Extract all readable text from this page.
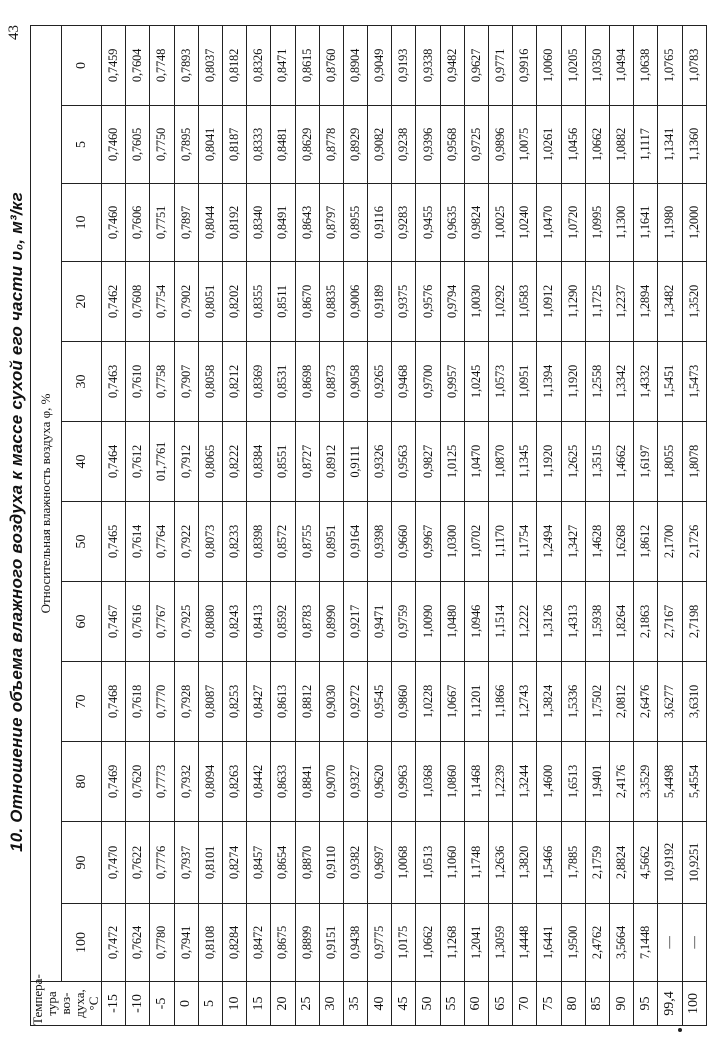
10. Отношение объема влажного воздуха к массе сухой его части υ₀, м³/кг
43
Темпера-тура воз-духа, °С	Относительная влажность воздуха φ, %											
	100	90	80	70	60	50	40	30	20	10	5	0
-15	0,7472	0,7470	0,7469	0,7468	0,7467	0,7465	0,7464	0,7463	0,7462	0,7460	0,7460	0,7459
-10	0,7624	0,7622	0,7620	0,7618	0,7616	0,7614	0,7612	0,7610	0,7608	0,7606	0,7605	0,7604
-5	0,7780	0,7776	0,7773	0,7770	0,7767	0,7764	01,7761	0,7758	0,7754	0,7751	0,7750	0,7748
0	0,7941	0,7937	0,7932	0,7928	0,7925	0,7922	0,7912	0,7907	0,7902	0,7897	0,7895	0,7893
5	0,8108	0,8101	0,8094	0,8087	0,8080	0,8073	0,8065	0,8058	0,8051	0,8044	0,8041	0,8037
10	0,8284	0,8274	0,8263	0,8253	0,8243	0,8233	0,8222	0,8212	0,8202	0,8192	0,8187	0,8182
15	0,8472	0,8457	0,8442	0,8427	0,8413	0,8398	0,8384	0,8369	0,8355	0,8340	0,8333	0,8326
20	0,8675	0,8654	0,8633	0,8613	0,8592	0,8572	0,8551	0,8531	0,8511	0,8491	0,8481	0,8471
25	0,8899	0,8870	0,8841	0,8812	0,8783	0,8755	0,8727	0,8698	0,8670	0,8643	0,8629	0,8615
30	0,9151	0,9110	0,9070	0,9030	0,8990	0,8951	0,8912	0,8873	0,8835	0,8797	0,8778	0,8760
35	0,9438	0,9382	0,9327	0,9272	0,9217	0,9164	0,9111	0,9058	0,9006	0,8955	0,8929	0,8904
40	0,9775	0,9697	0,9620	0,9545	0,9471	0,9398	0,9326	0,9265	0,9189	0,9116	0,9082	0,9049
45	1,0175	1,0068	0,9963	0,9860	0,9759	0,9660	0,9563	0,9468	0,9375	0,9283	0,9238	0,9193
50	1,0662	1,0513	1,0368	1,0228	1,0090	0,9967	0,9827	0,9700	0,9576	0,9455	0,9396	0,9338
55	1,1268	1,1060	1,0860	1,0667	1,0480	1,0300	1,0125	0,9957	0,9794	0,9635	0,9568	0,9482
60	1,2041	1,1748	1,1468	1,1201	1,0946	1,0702	1,0470	1,0245	1,0030	0,9824	0,9725	0,9627
65	1,3059	1,2636	1,2239	1,1866	1,1514	1,1170	1,0870	1,0573	1,0292	1,0025	0,9896	0,9771
70	1,4448	1,3820	1,3244	1,2743	1,2222	1,1754	1,1345	1,0951	1,0583	1,0240	1,0075	0,9916
75	1,6441	1,5466	1,4600	1,3824	1,3126	1,2494	1,1920	1,1394	1,0912	1,0470	1,0261	1,0060
80	1,9500	1,7885	1,6513	1,5336	1,4313	1,3427	1,2625	1,1920	1,1290	1,0720	1,0456	1,0205
85	2,4762	2,1759	1,9401	1,7502	1,5938	1,4628	1,3515	1,2558	1,1725	1,0995	1,0662	1,0350
90	3,5664	2,8824	2,4176	2,0812	1,8264	1,6268	1,4662	1,3342	1,2237	1,1300	1,0882	1,0494
95	7,1448	4,5662	3,3529	2,6476	2,1863	1,8612	1,6197	1,4332	1,2894	1,1641	1,1117	1,0638
99,4	—	10,9192	5,4498	3,6277	2,7167	2,1700	1,8055	1,5451	1,3482	1,1980	1,1341	1,0765
100	—	10,9251	5,4554	3,6310	2,7198	2,1726	1,8078	1,5473	1,3520	1,2000	1,1360	1,0783
